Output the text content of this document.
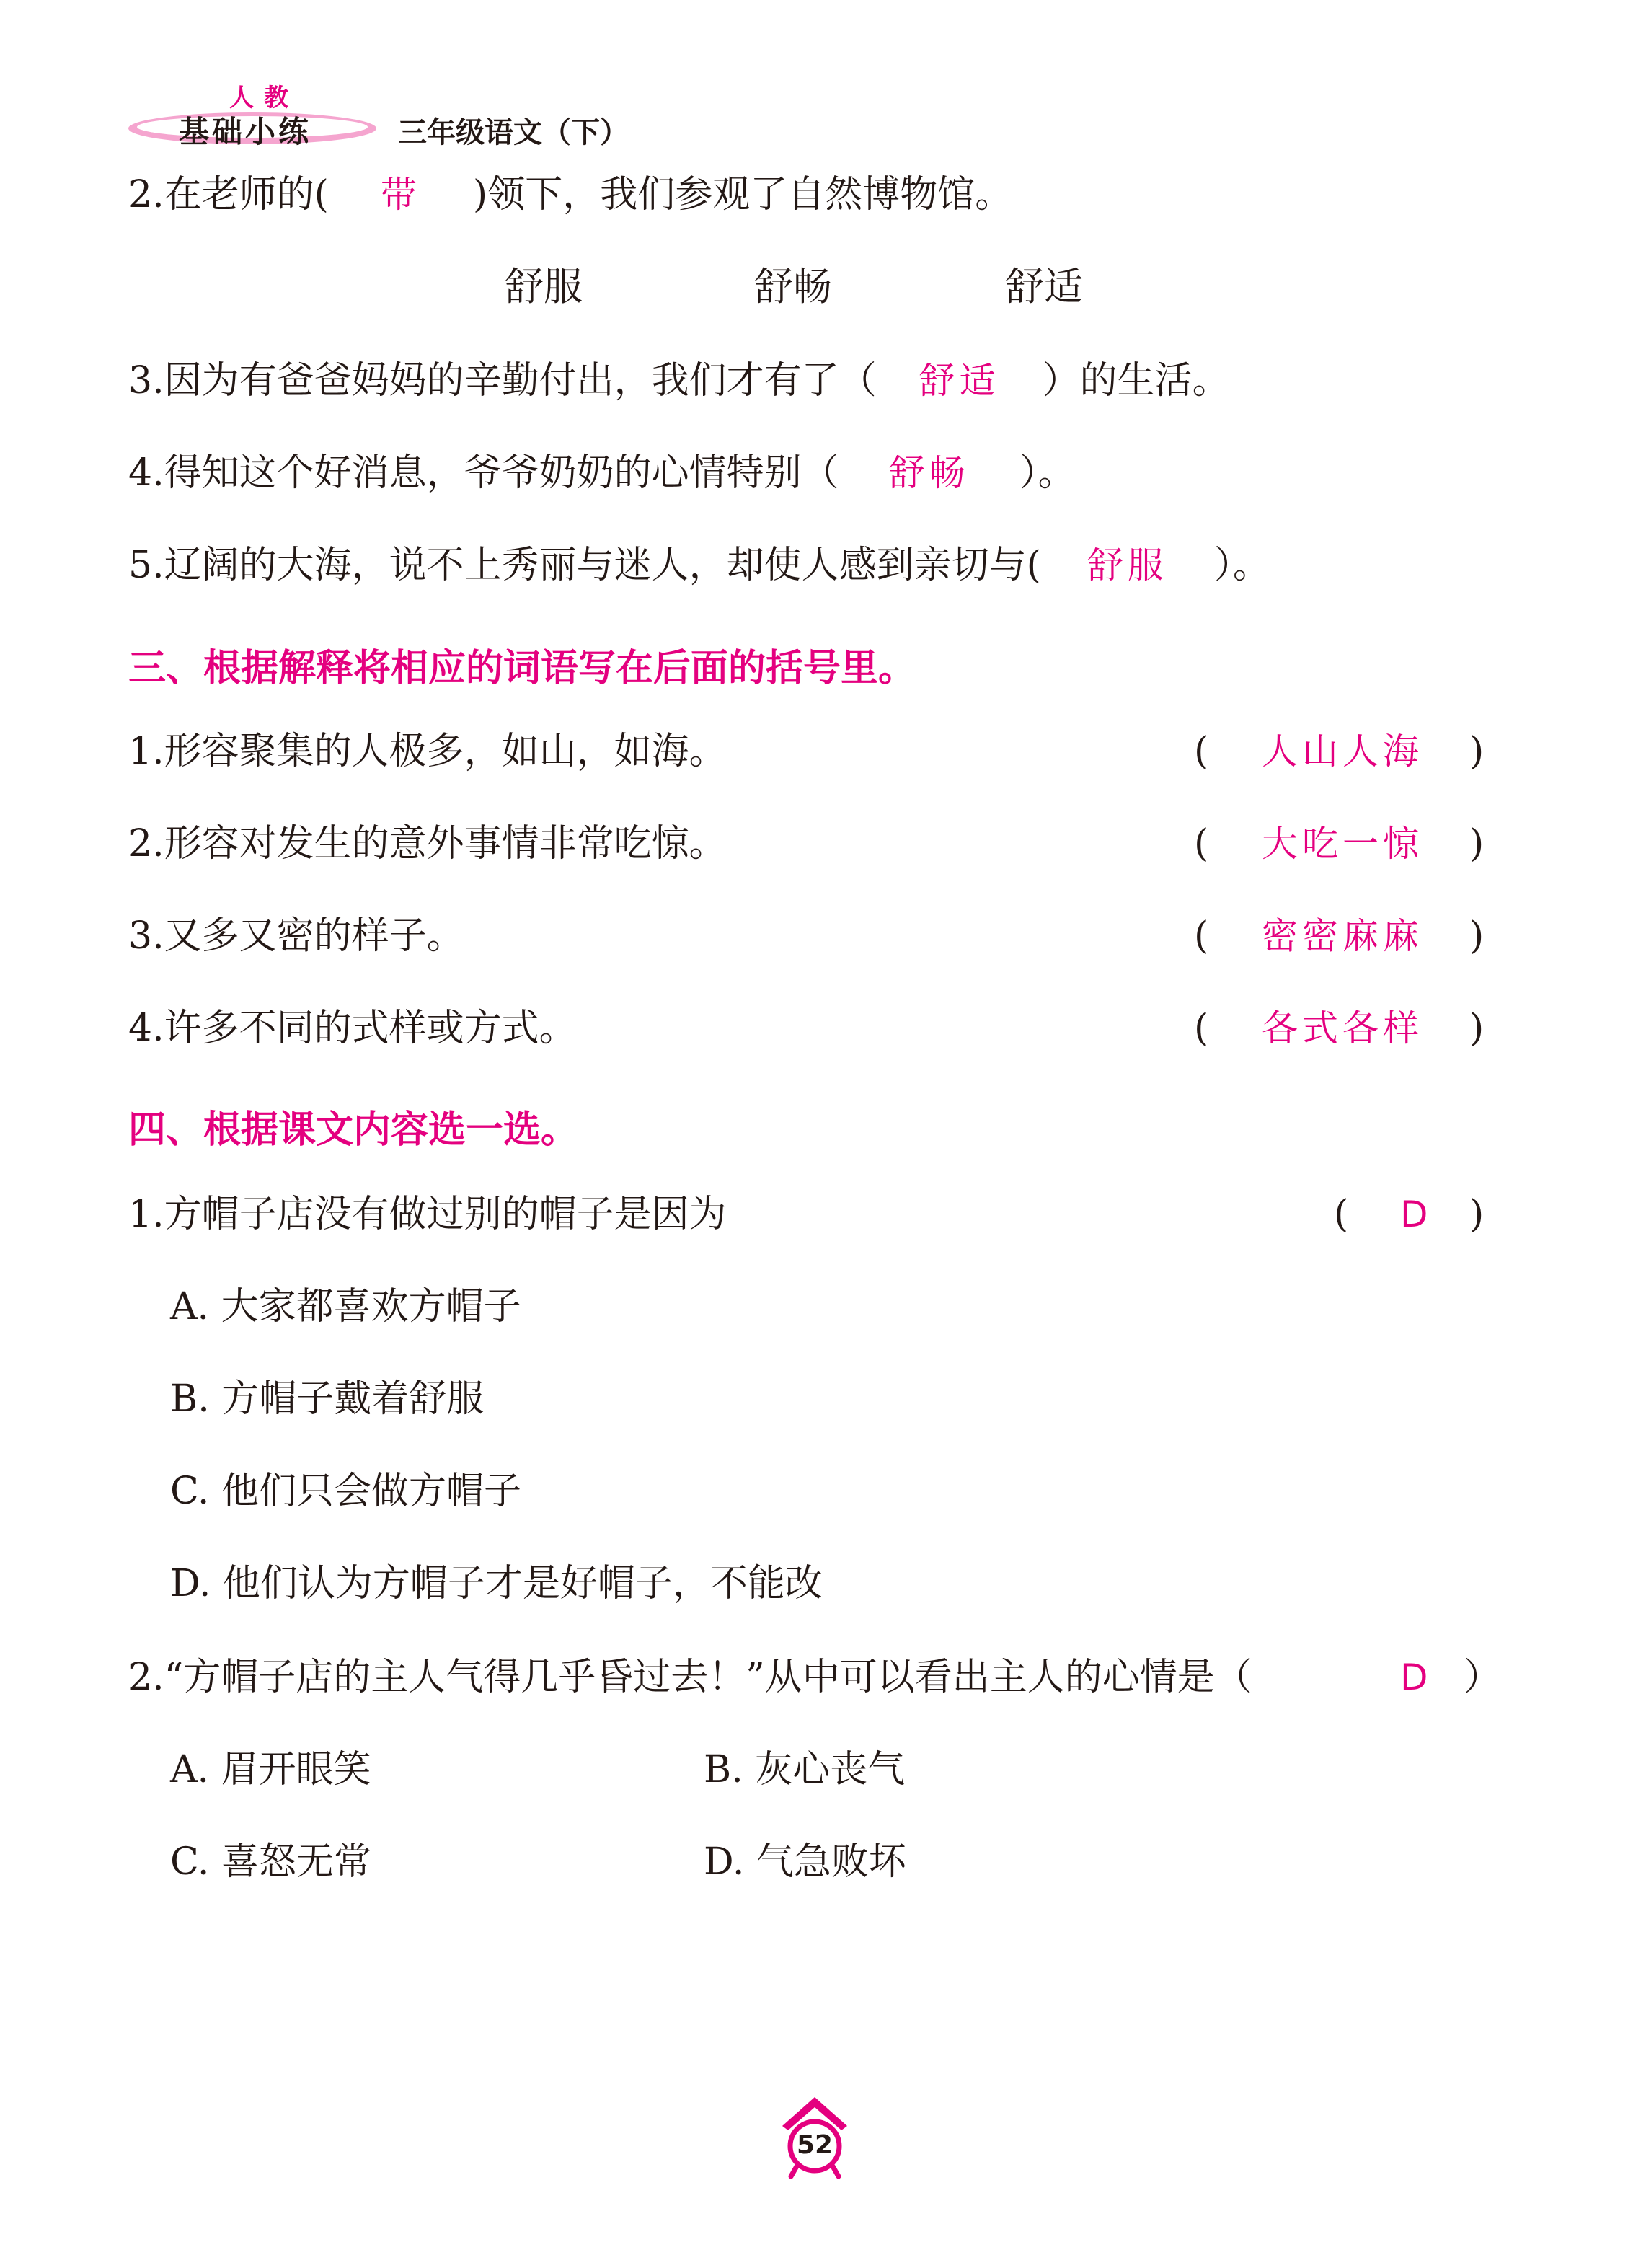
人教
基础小练	三年级语文（下）
2.在老师的( 带 )领下，我们参观了自然博物馆。
舒服	舒畅	舒适
3.因为有爸爸妈妈的辛勤付出，我们才有了（ 舒适 ）的生活。
4.得知这个好消息，爷爷奶奶的心情特别（ 舒畅 ）。
5.辽阔的大海，说不上秀丽与迷人，却使人感到亲切与( 舒服 ）。
三、根据解释将相应的词语写在后面的括号里。
1.形容聚集的人极多，如山，如海。	( 人山人海 )
2.形容对发生的意外事情非常吃惊。	( 大吃一惊 )
3.又多又密的样子。	( 密密麻麻 )
4.许多不同的式样或方式。	( 各式各样 )
四、根据课文内容选一选。
1.方帽子店没有做过别的帽子是因为	( D )
A. 大家都喜欢方帽子
B. 方帽子戴着舒服
C. 他们只会做方帽子
D. 他们认为方帽子才是好帽子，不能改
2.“方帽子店的主人气得几乎昏过去！”从中可以看出主人的心情是（	D ）
A. 眉开眼笑	B. 灰心丧气
C. 喜怒无常	D. 气急败坏
52
